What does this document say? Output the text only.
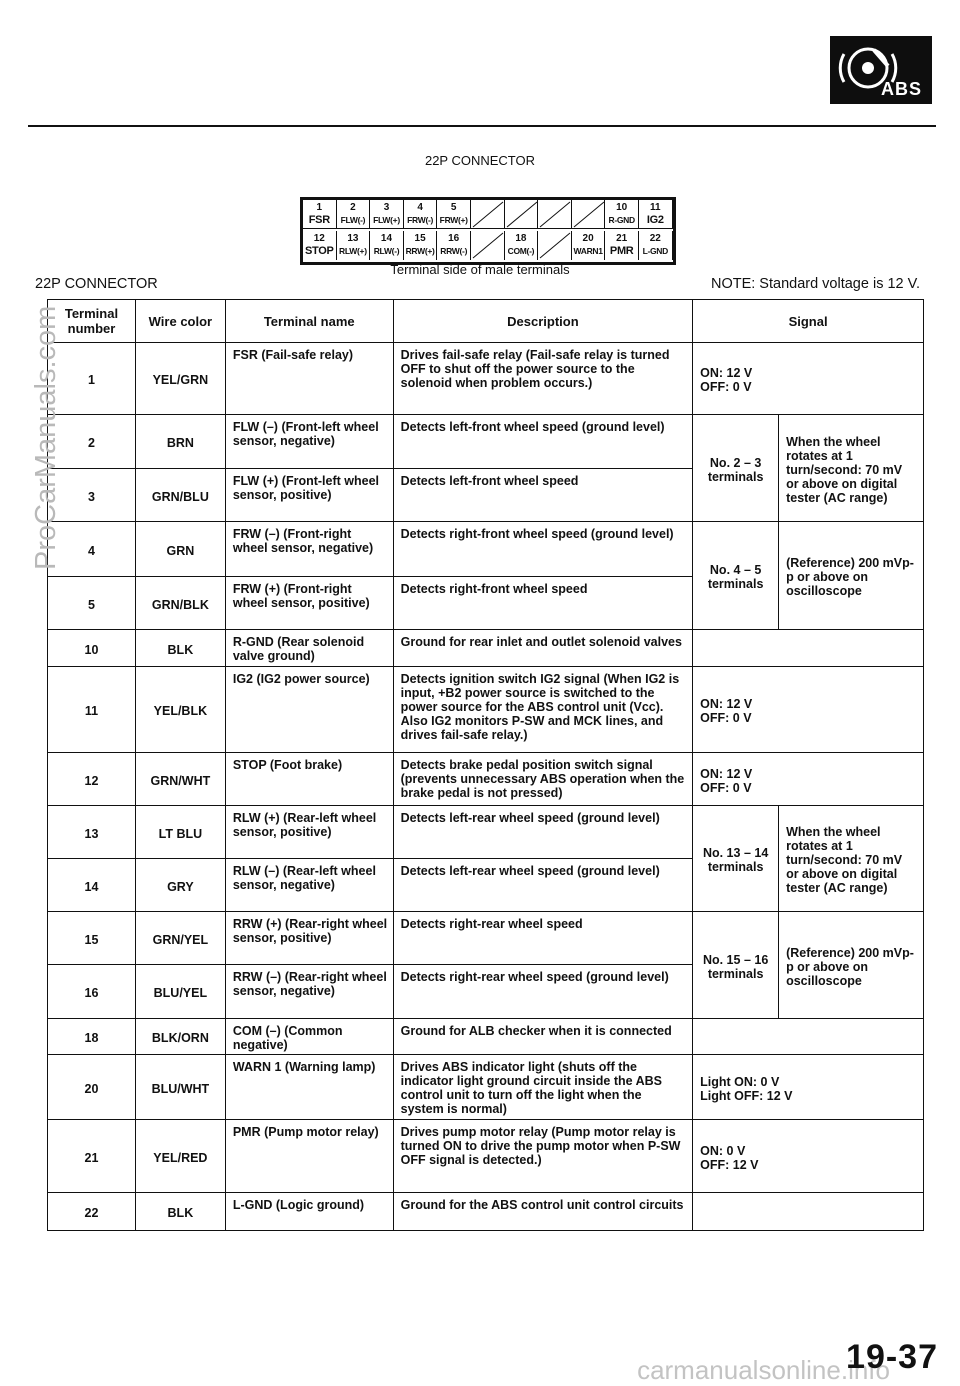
ABS
22P CONNECTOR
1
FSR
2
FLW(-)
3
FLW(+)
4
FRW(-)
5
FRW(+)
10
R-GND
11
IG2
12
STOP
13
RLW(+)
14
RLW(-)
15
RRW(+)
16
RRW(-)
18
COM(-)
20
WARN1
21
PMR
22
L-GND
Terminal side of male terminals
22P CONNECTOR	NOTE: Standard voltage is 12 V.
Terminal number	Wire color	Terminal name	Description	Signal	
1	YEL/GRN	FSR (Fail-safe relay)	Drives fail-safe relay (Fail-safe relay is turned OFF to shut off the power source to the solenoid when problem occurs.)	ON: 12 V
OFF: 0 V	
2	BRN	FLW (–) (Front-left wheel sensor, negative)	Detects left-front wheel speed (ground level)	No. 2 – 3
terminals	When the wheel rotates at 1 turn/second: 70 mV or above on digital tester (AC range)
3	GRN/BLU	FLW (+) (Front-left wheel sensor, positive)	Detects left-front wheel speed		
4	GRN	FRW (–) (Front-right wheel sensor, negative)	Detects right-front wheel speed (ground level)	No. 4 – 5
terminals	(Reference) 200 mVp-p or above on oscilloscope
5	GRN/BLK	FRW (+) (Front-right wheel sensor, positive)	Detects right-front wheel speed		
10	BLK	R-GND (Rear solenoid valve ground)	Ground for rear inlet and outlet solenoid valves		
11	YEL/BLK	IG2 (IG2 power source)	Detects ignition switch IG2 signal (When IG2 is input, +B2 power source is switched to the power source for the ABS control unit (Vcc). Also IG2 monitors P-SW and MCK lines, and drives fail-safe relay.)	ON: 12 V
OFF: 0 V	
12	GRN/WHT	STOP (Foot brake)	Detects brake pedal position switch signal (prevents unnecessary ABS operation when the brake pedal is not pressed)	ON: 12 V
OFF: 0 V	
13	LT BLU	RLW (+) (Rear-left wheel sensor, positive)	Detects left-rear wheel speed (ground level)	No. 13 – 14
terminals	When the wheel rotates at 1 turn/second: 70 mV or above on digital tester (AC range)
14	GRY	RLW (–) (Rear-left wheel sensor, negative)	Detects left-rear wheel speed (ground level)		
15	GRN/YEL	RRW (+) (Rear-right wheel sensor, positive)	Detects right-rear wheel speed	No. 15 – 16
terminals	(Reference) 200 mVp-p or above on oscilloscope
16	BLU/YEL	RRW (–) (Rear-right wheel sensor, negative)	Detects right-rear wheel speed (ground level)		
18	BLK/ORN	COM (–) (Common negative)	Ground for ALB checker when it is connected		
20	BLU/WHT	WARN 1 (Warning lamp)	Drives ABS indicator light (shuts off the indicator light ground circuit inside the ABS control unit to turn off the light when the system is normal)	Light ON: 0 V
Light OFF: 12 V	
21	YEL/RED	PMR (Pump motor relay)	Drives pump motor relay (Pump motor relay is turned ON to drive the pump motor when P-SW OFF signal is detected.)	ON: 0 V
OFF: 12 V	
22	BLK	L-GND (Logic ground)	Ground for the ABS control unit control circuits		
ProCarManuals.com
carmanualsonline.info
19-37
